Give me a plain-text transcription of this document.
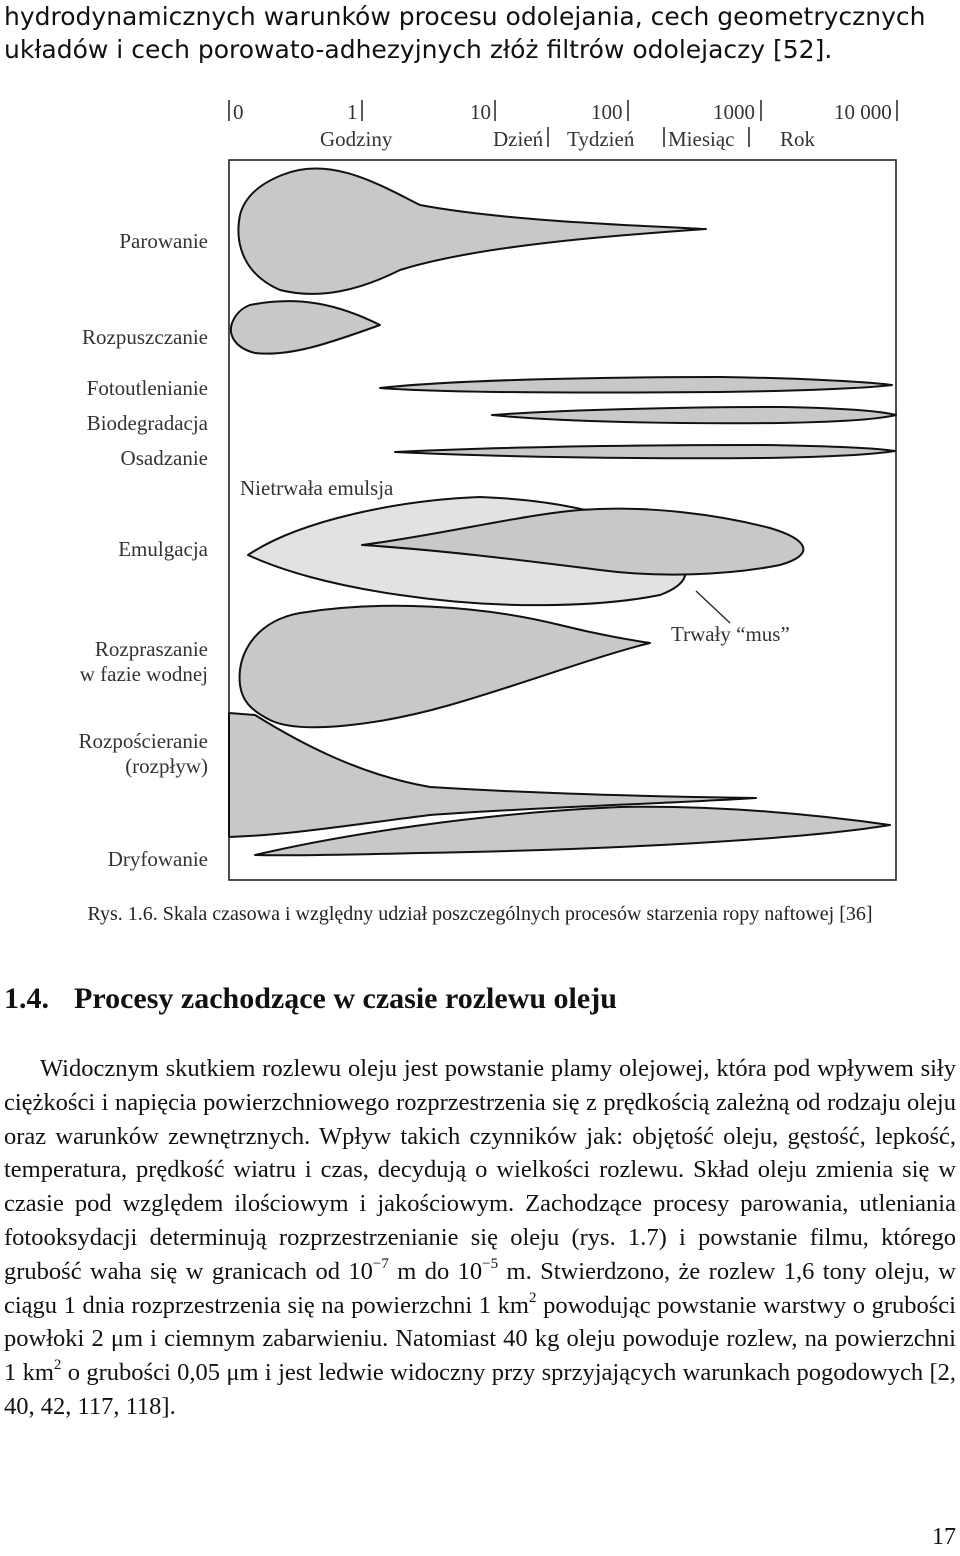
hydrodynamicznych warunków procesu odolejania, cech geometrycznych układów i cech porowato-adhezyjnych złóż filtrów odolejaczy [52].

0	1	10	100	1000	10 000
Godziny	Dzień Tydzień Miesiąc Rok
Parowanie
Rozpuszczanie
Fotoutlenianie
Biodegradacja
Osadzanie
Emulgacja
Rozpraszanie
w fazie wodnej
Rozpościeranie
(rozpływ)
Dryfowanie
Nietrwała emulsja
Trwały “mus”
Rys. 1.6. Skala czasowa i względny udział poszczególnych procesów starzenia ropy naftowej [36]
1.4. Procesy zachodzące w czasie rozlewu oleju

Widocznym skutkiem rozlewu oleju jest powstanie plamy olejowej, która pod wpływem siły ciężkości i napięcia powierzchniowego rozprzestrzenia się z prędkością zależną od rodzaju oleju oraz warunków zewnętrznych. Wpływ takich czynników jak: objętość oleju, gęstość, lepkość, temperatura, prędkość wiatru i czas, decydują o wielkości rozlewu. Skład oleju zmienia się w czasie pod względem ilościowym i jakościowym. Zachodzące procesy parowania, utleniania fotooksydacji determinują rozprzestrzenianie się oleju (rys. 1.7) i powstanie filmu, którego grubość waha się w granicach od $10^{-7}$ m do $10^{-5}$ m. Stwierdzono, że rozlew 1,6 tony oleju, w ciągu 1 dnia rozprzestrzenia się na powierzchni 1 $km^2$ powodując powstanie warstwy o grubości powłoki 2 μm i ciemnym zabarwieniu. Natomiast 40 kg oleju powoduje rozlew, na powierzchni 1 $km^2$ o grubości 0,05 μm i jest ledwie widoczny przy sprzyjających warunkach pogodowych [2, 40, 42, 117, 118].

17
